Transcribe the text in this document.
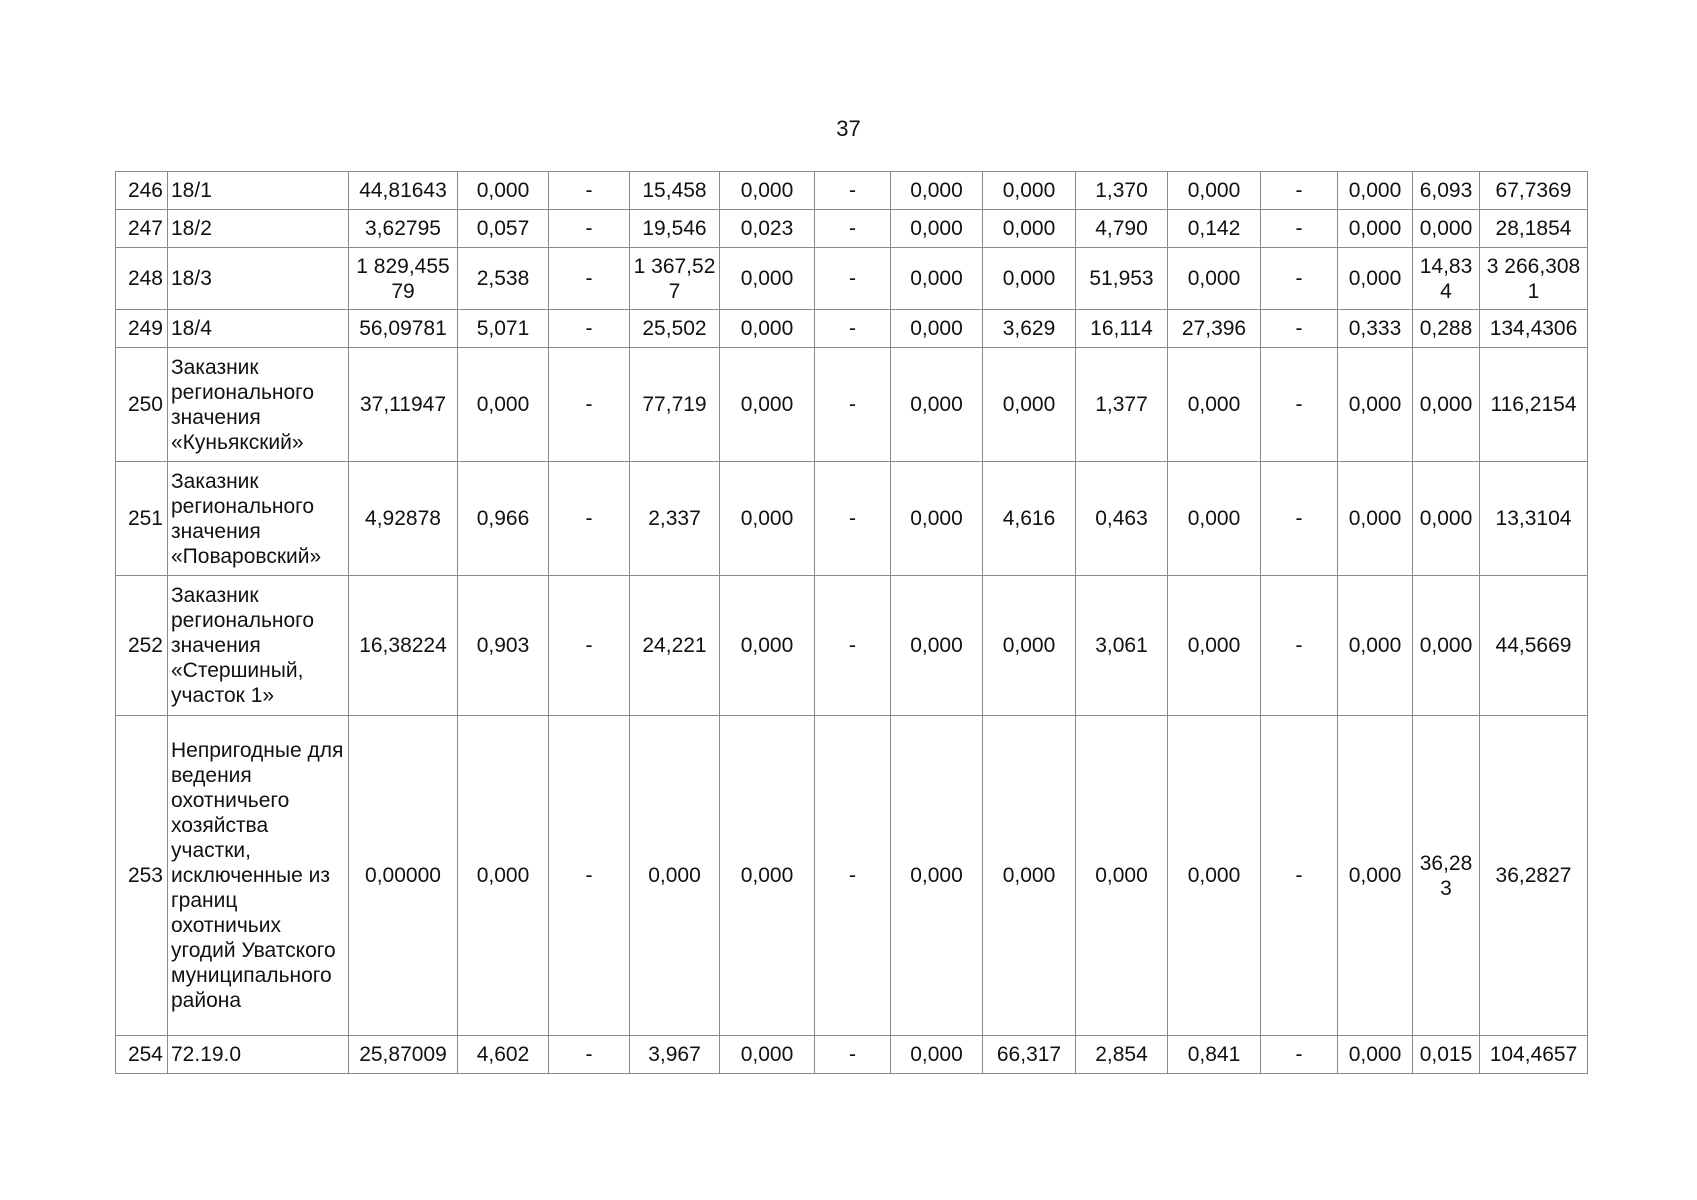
37
246	18/1	44,81643	0,000	-	15,458	0,000	-	0,000	0,000	1,370	0,000	-	0,000	6,093	67,7369
247	18/2	3,62795	0,057	-	19,546	0,023	-	0,000	0,000	4,790	0,142	-	0,000	0,000	28,1854
248	18/3	1 829,45579	2,538	-	1 367,527	0,000	-	0,000	0,000	51,953	0,000	-	0,000	14,834	3 266,3081
249	18/4	56,09781	5,071	-	25,502	0,000	-	0,000	3,629	16,114	27,396	-	0,333	0,288	134,4306
250	Заказник регионального значения «Куньякский»	37,11947	0,000	-	77,719	0,000	-	0,000	0,000	1,377	0,000	-	0,000	0,000	116,2154
251	Заказник регионального значения «Поваровский»	4,92878	0,966	-	2,337	0,000	-	0,000	4,616	0,463	0,000	-	0,000	0,000	13,3104
252	Заказник регионального значения «Стершиный, участок 1»	16,38224	0,903	-	24,221	0,000	-	0,000	0,000	3,061	0,000	-	0,000	0,000	44,5669
253	Непригодные для ведения охотничьего хозяйства участки, исключенные из границ охотничьих угодий Уватского муниципального района	0,00000	0,000	-	0,000	0,000	-	0,000	0,000	0,000	0,000	-	0,000	36,283	36,2827
254	72.19.0	25,87009	4,602	-	3,967	0,000	-	0,000	66,317	2,854	0,841	-	0,000	0,015	104,4657
